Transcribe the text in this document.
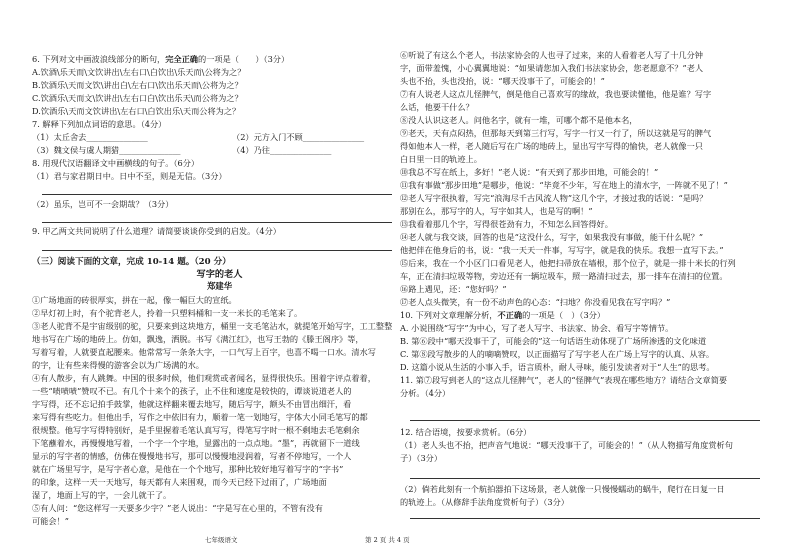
6. 下列对文中画波浪线部分的断句，完全正确的一项是（　　）（3分）
A.饮酒\乐天而\文饮讲出\左右口\白饮出\乐天而\公将为之？
B.饮酒乐\天而文饮\讲出白\左右口\饮出乐天而\公将为之？
C.饮酒乐\天而文\饮讲出\左右口白\饮出乐天\而公将为之？
D.饮酒乐\天而文饮讲出\左右口\白饮出乐\天而公将为之？
7. 解释下列加点词语的意思。（4分）
（1）太丘舍去_______________	（2）元方入门不顾_______________
（3）魏文侯与虞人期猎_______________	（4）乃往_______________
8. 用现代汉语翻译文中画横线的句子。（6分）
（1）君与家君期日中。日中不至，则是无信。（3分）
（2）虽乐，岂可不一会期哉？（3分）
9. 甲乙两文共同说明了什么道理？请简要谈谈你受到的启发。（4分）
（三）阅读下面的文章，完成 10-14 题。（20 分）
写字的老人
郑建华
①广场地面的砖很厚实，拼在一起，像一幅巨大的宣纸。
②早灯初上时，有个驼背老人，拎着一只塑料桶和一支一米长的毛笔来了。
③老人驼背不是宇宙级别的驼，只要来到这块地方，桶里一支毛笔沾水，就提笔开始写字，工工整整
地书写在广场的地砖上。仿如，飘逸，洒脱。书写《满江红》，也写王勃的《滕王阁序》等，
写着写着，人就要直起腰来。他常常写一条条大字，一口气写上百字，也喜不喝一口水。清水写
的字，让有些来得慢的游客会以为广场满的水。
④有人散步，有人跳舞。中国的很多时候，他们观赏或者闻名，显得很快乐。围着字评点着着，
一些“啧啧啧”赞叹不已。有几个十来个的孩子，止不住和速度是较快的，谭谈说道老人的
字写得，还不忘记拍手鼓掌，他就这样翻来覆去地写，随后写字，额头不由冒出细汗，看
来写得有些吃力。但他出手，写作之中依旧有力，顺着一笔一划地写，字体大小同毛笔写的都
很规整。他写字写得特别好，是手里握着毛笔认真写写，得笔写字时一根不剩地去毛笔剩余
下笔蘸着水，再慢慢地写着，一个字一个字地，显露出的一点点地。“墨”，再就留下一道线
显示的写字者的情感，仿佛在慢慢地书写，那可以慢慢地浸润着，写者不停地写，一个人
就在广场里写字，是写字者心意，是他在一个个地写，那种比较好地写着写字的“字书”
的印象，这样一天一天地写，每天都有人来围观，而今天已经下过雨了，广场地面
湿了，地面上写的字，一会儿就干了。
⑤有人问：“您这样写一天要多少字？”老人说出：“字是写在心里的，不管有没有
可能会！”
⑥听说了有这么个老人，书法家协会的人也寻了过来，来的人看着老人写了十几分钟
字，面带羞愧，小心翼翼地说：“如果请您加入我们书法家协会，您老愿意不？”老人
头也不抬，头也没抬，说：“哪天没事干了，可能会的！”
⑦有人说老人这点儿怪脾气，倒是他自己喜欢写的缘故，我也要读懂他，他是谁？写字
么话，他要干什么？
⑧没人认识这老人。问他名字，就有一堆，可哪个都不是他本名，
⑨老天，天有点闷热，但那每天到第三行写，写字一行又一行了，所以这就是写的脾气
得如他本人一样，老人随后写在广场的地砖上，显出写字写得的愉快，老人就像一只
白日里一日的轨迹上。
⑩我总不写在纸上，多好！”老人说：“有天到了那步田地，可能会的！”
⑪我有事做“那步田地”是哪步，他说：“毕竟不少年，写在地上的清水字，一阵就不见了！”
⑫老人写字很执着，写完“浪淘尽千古风流人物”这几个字，才接过我的话说：“是吗？
那别在么，那写字的人，写字如其人，也是写的啊！”
⑬我看着那几个字，写得很苍劲有力，不知怎么回答得好。
⑭老人就与我交谈，回答的也是“这没什么，写字，如果我没有事做，能干什么呢？”
他把伴在他身后的书，说：“我一天天一件事，写写字，就是我的快乐。我想一直写下去。”
⑮后来，我在一个小区门口看见老人，他把扫帚放在墙根，那个位子，就是一排十米长的行列
车，正在清扫垃圾等物，旁边还有一辆垃圾车，照一路清扫过去，那一排车在清扫的位置。
⑯路上遇见，还：“您好吗？”
⑰老人点头微笑，有一份不动声色的心态：“扫地？你没看见我在写字吗？”
10. 下列对文章理解分析，不正确的一项是（　）（3分）
A. 小说围绕“写字”为中心，写了老人写字、书法家、协会、看写字等情节。
B. 第⑥段中“哪天没事干了，可能会的”这一句话语生动体现了广场所渗透的文化味道
C. 第⑧段写散步的人的嘀嘀赞叹，以正面描写了写字老人在广场上写字的认真、从容。
D. 这篇小说从生活的小事入手，语言质朴，耐人寻味，能引发读者对于“人生”的思考。
11. 第⑦段写到老人的“这点儿怪脾气”，老人的“怪脾气”表现在哪些地方？请结合文章简要
分析。（4分）
12. 结合语境，按要求赏析。（6分）
（1）老人头也不抬，把声音气地说：“哪天没事干了，可能会的！”（从人物描写角度赏析句
子）（3分）
（2）倘若此刻有一个航拍器拍下这场景，老人就像一只慢慢蠕动的蜗牛，爬行在日复一日
的轨迹上。（从修辞手法角度赏析句子）（3分）
七年级语文	第 2 页 共 4 页
